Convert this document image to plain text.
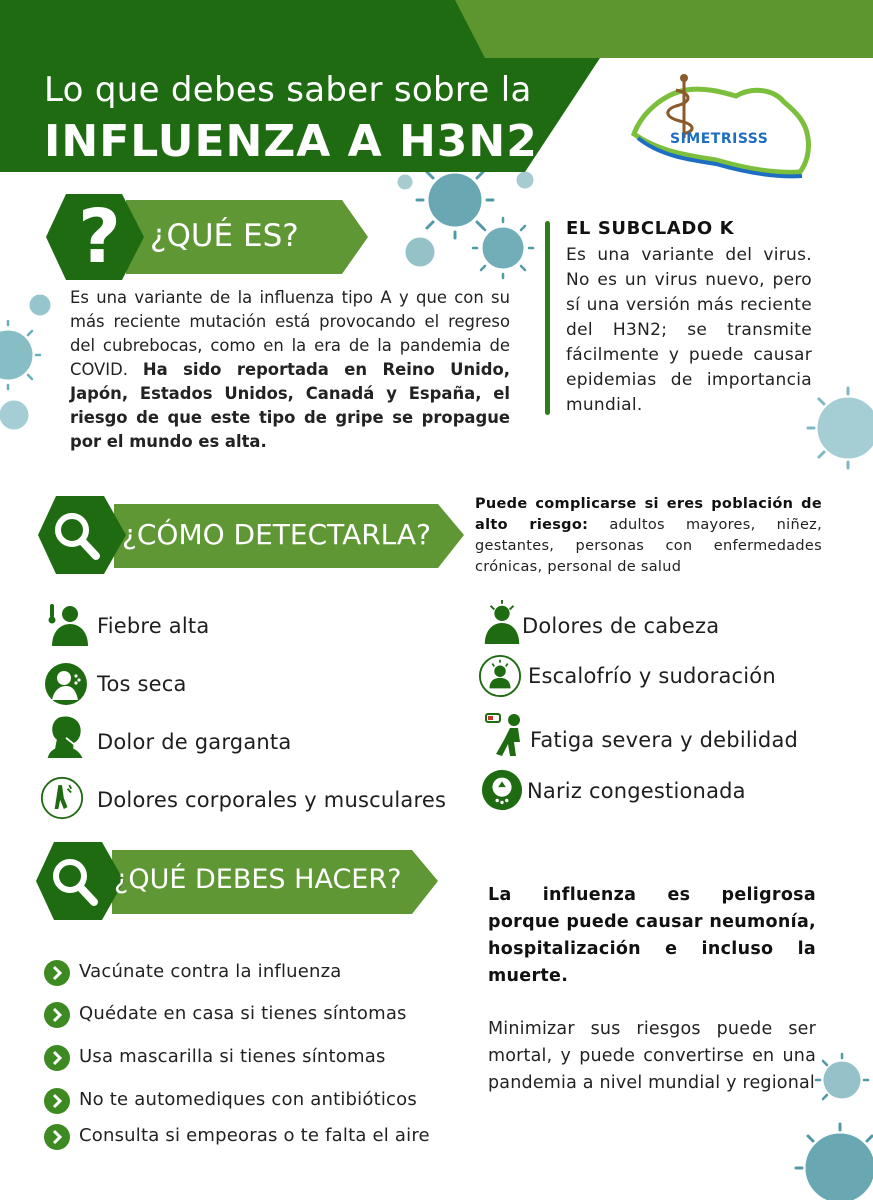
Lo que debes saber sobre la
INFLUENZA A H3N2	SIMETRISSS
? ¿QUÉ ES?
Es una variante de la influenza tipo A y que con su más reciente mutación está provocando el regreso del cubrebocas, como en la era de la pandemia de COVID. Ha sido reportada en Reino Unido, Japón, Estados Unidos, Canadá y España, el riesgo de que este tipo de gripe se propague por el mundo es alta.
EL SUBCLADO K
Es una variante del virus. No es un virus nuevo, pero sí una versión más reciente del H3N2; se transmite fácilmente y puede causar epidemias de importancia mundial.
¿CÓMO DETECTARLA?
Puede complicarse si eres población de alto riesgo: adultos mayores, niñez, gestantes, personas con enfermedades crónicas, personal de salud
Fiebre alta
Tos seca
Dolor de garganta
Dolores corporales y musculares
Dolores de cabeza
Escalofrío y sudoración
Fatiga severa y debilidad
Nariz congestionada
¿QUÉ DEBES HACER?
Vacúnate contra la influenza
Quédate en casa si tienes síntomas
Usa mascarilla si tienes síntomas
No te automediques con antibióticos
Consulta si empeoras o te falta el aire
La influenza es peligrosa porque puede causar neumonía, hospitalización e incluso la muerte.
Minimizar sus riesgos puede ser mortal, y puede convertirse en una pandemia a nivel mundial y regional
